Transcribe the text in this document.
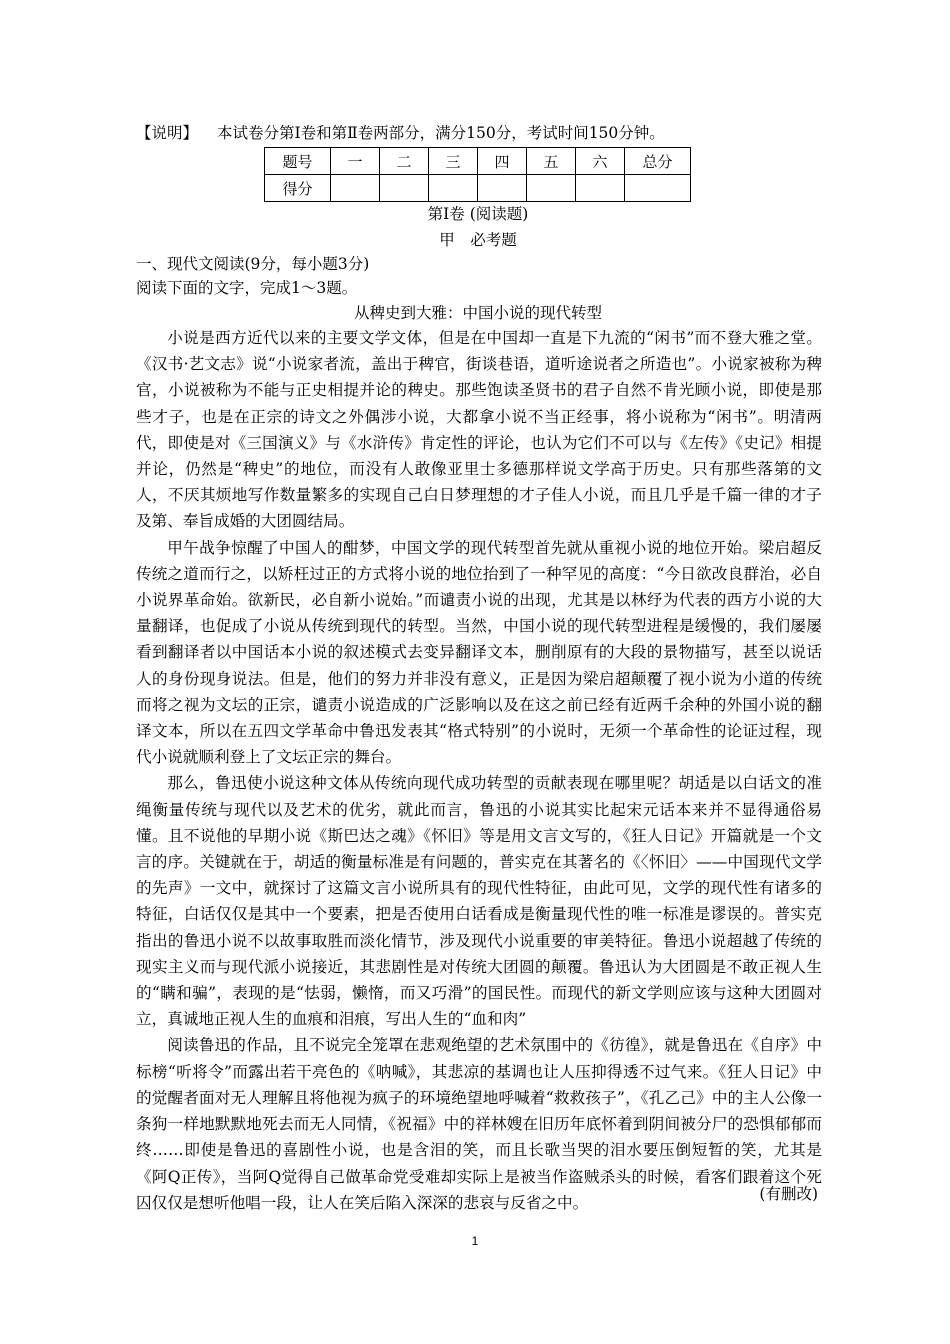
【说明】 本试卷分第Ⅰ卷和第Ⅱ卷两部分，满分150分，考试时间150分钟。
题号	一	二	三	四	五	六	总分
得分							
第Ⅰ卷 (阅读题)
甲　必考题
一、现代文阅读(9分，每小题3分)
阅读下面的文字，完成1～3题。
从稗史到大雅：中国小说的现代转型

小说是西方近代以来的主要文学文体，但是在中国却一直是下九流的“闲书”而不登大雅之堂。《汉书·艺文志》说“小说家者流，盖出于稗官，街谈巷语，道听途说者之所造也”。小说家被称为稗官，小说被称为不能与正史相提并论的稗史。那些饱读圣贤书的君子自然不肯光顾小说，即使是那些才子，也是在正宗的诗文之外偶涉小说，大都拿小说不当正经事，将小说称为“闲书”。明清两代，即使是对《三国演义》与《水浒传》肯定性的评论，也认为它们不可以与《左传》《史记》相提并论，仍然是“稗史”的地位，而没有人敢像亚里士多德那样说文学高于历史。只有那些落第的文人，不厌其烦地写作数量繁多的实现自己白日梦理想的才子佳人小说，而且几乎是千篇一律的才子及第、奉旨成婚的大团圆结局。

甲午战争惊醒了中国人的酣梦，中国文学的现代转型首先就从重视小说的地位开始。梁启超反传统之道而行之，以矫枉过正的方式将小说的地位抬到了一种罕见的高度：“今日欲改良群治，必自小说界革命始。欲新民，必自新小说始。”而谴责小说的出现，尤其是以林纾为代表的西方小说的大量翻译，也促成了小说从传统到现代的转型。当然，中国小说的现代转型进程是缓慢的，我们屡屡看到翻译者以中国话本小说的叙述模式去变异翻译文本，删削原有的大段的景物描写，甚至以说话人的身份现身说法。但是，他们的努力并非没有意义，正是因为梁启超颠覆了视小说为小道的传统而将之视为文坛的正宗，谴责小说造成的广泛影响以及在这之前已经有近两千余种的外国小说的翻译文本，所以在五四文学革命中鲁迅发表其“格式特别”的小说时，无须一个革命性的论证过程，现代小说就顺利登上了文坛正宗的舞台。

那么，鲁迅使小说这种文体从传统向现代成功转型的贡献表现在哪里呢？胡适是以白话文的准绳衡量传统与现代以及艺术的优劣，就此而言，鲁迅的小说其实比起宋元话本来并不显得通俗易懂。且不说他的早期小说《斯巴达之魂》《怀旧》等是用文言文写的，《狂人日记》开篇就是一个文言的序。关键就在于，胡适的衡量标准是有问题的，普实克在其著名的《〈怀旧〉——中国现代文学的先声》一文中，就探讨了这篇文言小说所具有的现代性特征，由此可见，文学的现代性有诸多的特征，白话仅仅是其中一个要素，把是否使用白话看成是衡量现代性的唯一标准是谬误的。普实克指出的鲁迅小说不以故事取胜而淡化情节，涉及现代小说重要的审美特征。鲁迅小说超越了传统的现实主义而与现代派小说接近，其悲剧性是对传统大团圆的颠覆。鲁迅认为大团圆是不敢正视人生的“瞒和骗”，表现的是“怯弱，懒惰，而又巧滑”的国民性。而现代的新文学则应该与这种大团圆对立，真诚地正视人生的血痕和泪痕，写出人生的“血和肉”

阅读鲁迅的作品，且不说完全笼罩在悲观绝望的艺术氛围中的《彷徨》，就是鲁迅在《自序》中标榜“听将令”而露出若干亮色的《呐喊》，其悲凉的基调也让人压抑得透不过气来。《狂人日记》中的觉醒者面对无人理解且将他视为疯子的环境绝望地呼喊着“救救孩子”，《孔乙己》中的主人公像一条狗一样地默默地死去而无人同情，《祝福》中的祥林嫂在旧历年底怀着到阴间被分尸的恐惧郁郁而终……即使是鲁迅的喜剧性小说，也是含泪的笑，而且长歌当哭的泪水要压倒短暂的笑，尤其是《阿Q正传》，当阿Q觉得自己做革命党受难却实际上是被当作盗贼杀头的时候，看客们跟着这个死囚仅仅是想听他唱一段，让人在笑后陷入深深的悲哀与反省之中。	(有删改)
1
